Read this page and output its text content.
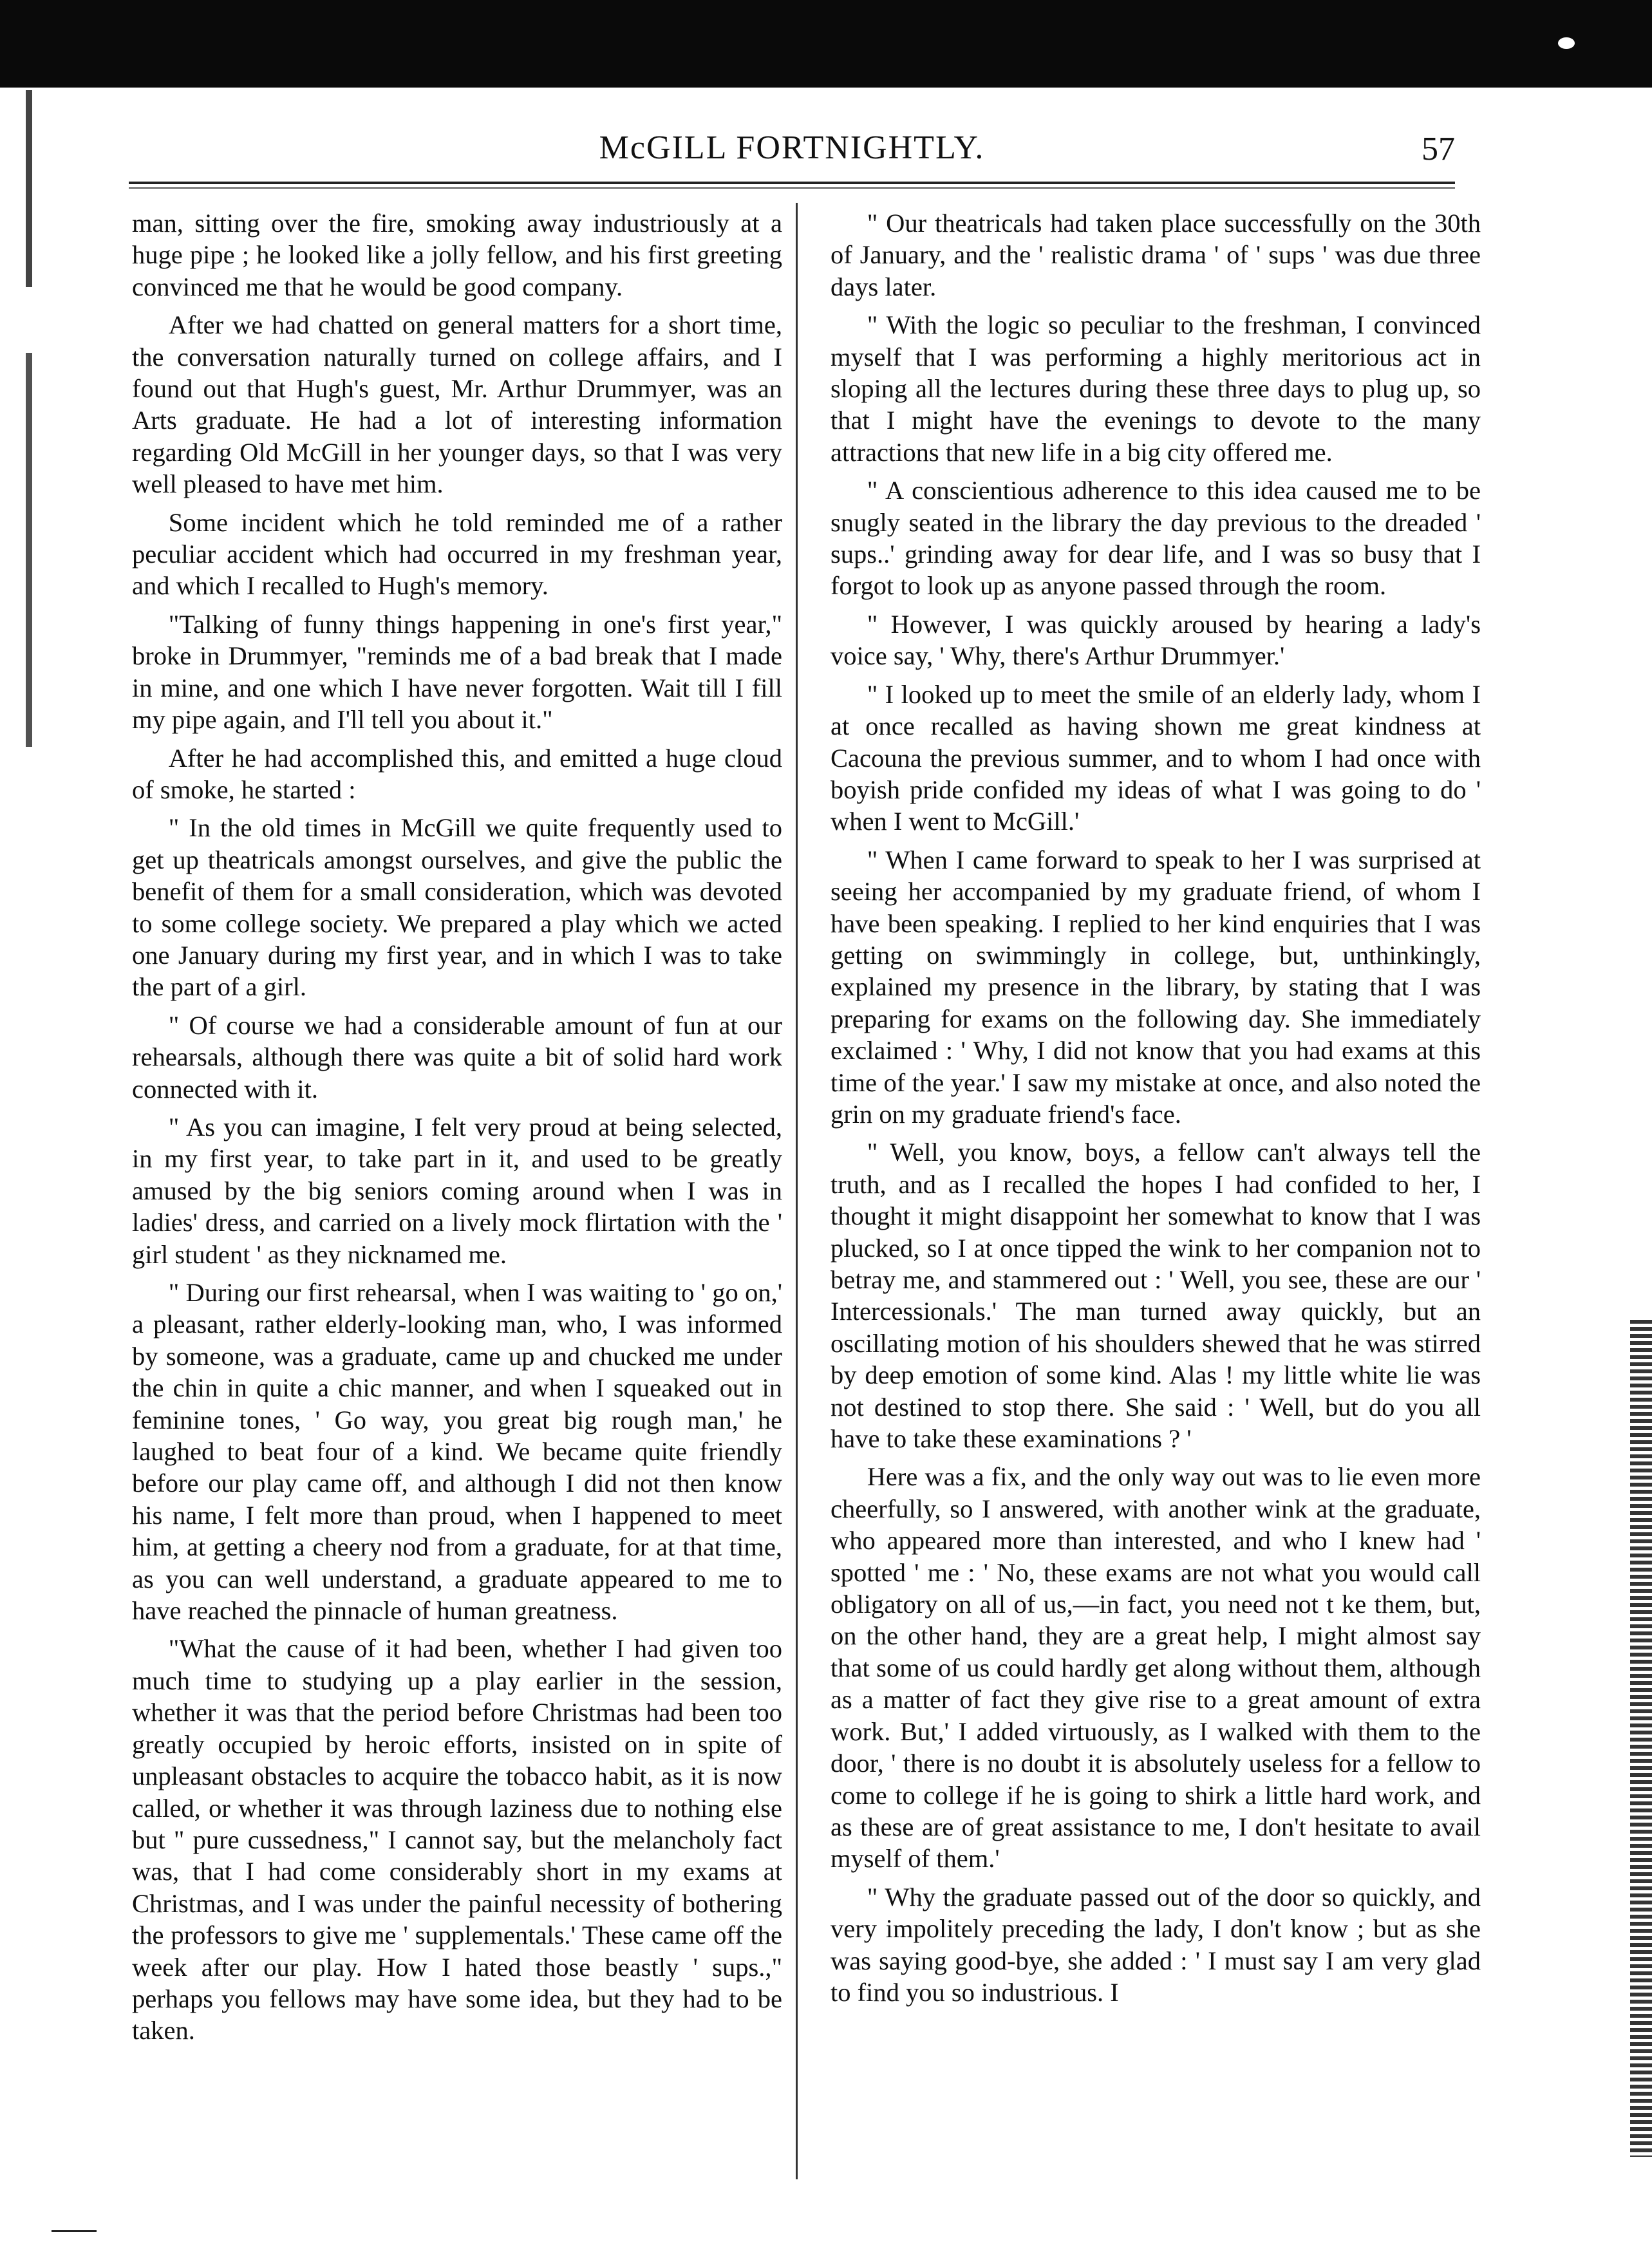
McGILL FORTNIGHTLY.	57

man, sitting over the fire, smoking away industriously at a huge pipe ; he looked like a jolly fellow, and his first greeting convinced me that he would be good company.

After we had chatted on general matters for a short time, the conversation naturally turned on college affairs, and I found out that Hugh's guest, Mr. Arthur Drummyer, was an Arts graduate. He had a lot of interesting information regarding Old McGill in her younger days, so that I was very well pleased to have met him.

Some incident which he told reminded me of a rather peculiar accident which had occurred in my freshman year, and which I recalled to Hugh's memory.

"Talking of funny things happening in one's first year," broke in Drummyer, "reminds me of a bad break that I made in mine, and one which I have never forgotten. Wait till I fill my pipe again, and I'll tell you about it."

After he had accomplished this, and emitted a huge cloud of smoke, he started :

" In the old times in McGill we quite frequently used to get up theatricals amongst ourselves, and give the public the benefit of them for a small consideration, which was devoted to some college society. We prepared a play which we acted one January during my first year, and in which I was to take the part of a girl.

" Of course we had a considerable amount of fun at our rehearsals, although there was quite a bit of solid hard work connected with it.

" As you can imagine, I felt very proud at being selected, in my first year, to take part in it, and used to be greatly amused by the big seniors coming around when I was in ladies' dress, and carried on a lively mock flirtation with the ' girl student ' as they nicknamed me.

" During our first rehearsal, when I was waiting to ' go on,' a pleasant, rather elderly-looking man, who, I was informed by someone, was a graduate, came up and chucked me under the chin in quite a chic manner, and when I squeaked out in feminine tones, ' Go way, you great big rough man,' he laughed to beat four of a kind. We became quite friendly before our play came off, and although I did not then know his name, I felt more than proud, when I happened to meet him, at getting a cheery nod from a graduate, for at that time, as you can well understand, a graduate appeared to me to have reached the pinnacle of human greatness.

"What the cause of it had been, whether I had given too much time to studying up a play earlier in the session, whether it was that the period before Christmas had been too greatly occupied by heroic efforts, insisted on in spite of unpleasant obstacles to acquire the tobacco habit, as it is now called, or whether it was through laziness due to nothing else but " pure cussedness," I cannot say, but the melancholy fact was, that I had come considerably short in my exams at Christmas, and I was under the painful necessity of bothering the professors to give me ' supplementals.' These came off the week after our play. How I hated those beastly ' sups.," perhaps you fellows may have some idea, but they had to be taken.

" Our theatricals had taken place successfully on the 30th of January, and the ' realistic drama ' of ' sups ' was due three days later.

" With the logic so peculiar to the freshman, I convinced myself that I was performing a highly meritorious act in sloping all the lectures during these three days to plug up, so that I might have the evenings to devote to the many attractions that new life in a big city offered me.

" A conscientious adherence to this idea caused me to be snugly seated in the library the day previous to the dreaded ' sups..' grinding away for dear life, and I was so busy that I forgot to look up as anyone passed through the room.

" However, I was quickly aroused by hearing a lady's voice say, ' Why, there's Arthur Drummyer.'

" I looked up to meet the smile of an elderly lady, whom I at once recalled as having shown me great kindness at Cacouna the previous summer, and to whom I had once with boyish pride confided my ideas of what I was going to do ' when I went to McGill.'

" When I came forward to speak to her I was surprised at seeing her accompanied by my graduate friend, of whom I have been speaking. I replied to her kind enquiries that I was getting on swimmingly in college, but, unthinkingly, explained my presence in the library, by stating that I was preparing for exams on the following day. She immediately exclaimed : ' Why, I did not know that you had exams at this time of the year.' I saw my mistake at once, and also noted the grin on my graduate friend's face.

" Well, you know, boys, a fellow can't always tell the truth, and as I recalled the hopes I had confided to her, I thought it might disappoint her somewhat to know that I was plucked, so I at once tipped the wink to her companion not to betray me, and stammered out : ' Well, you see, these are our ' Intercessionals.' The man turned away quickly, but an oscillating motion of his shoulders shewed that he was stirred by deep emotion of some kind. Alas ! my little white lie was not destined to stop there. She said : ' Well, but do you all have to take these examinations ? '

Here was a fix, and the only way out was to lie even more cheerfully, so I answered, with another wink at the graduate, who appeared more than interested, and who I knew had ' spotted ' me : ' No, these exams are not what you would call obligatory on all of us,—in fact, you need not t ke them, but, on the other hand, they are a great help, I might almost say that some of us could hardly get along without them, although as a matter of fact they give rise to a great amount of extra work. But,' I added virtuously, as I walked with them to the door, ' there is no doubt it is absolutely useless for a fellow to come to college if he is going to shirk a little hard work, and as these are of great assistance to me, I don't hesitate to avail myself of them.'

" Why the graduate passed out of the door so quickly, and very impolitely preceding the lady, I don't know ; but as she was saying good-bye, she added : ' I must say I am very glad to find you so industrious. I
